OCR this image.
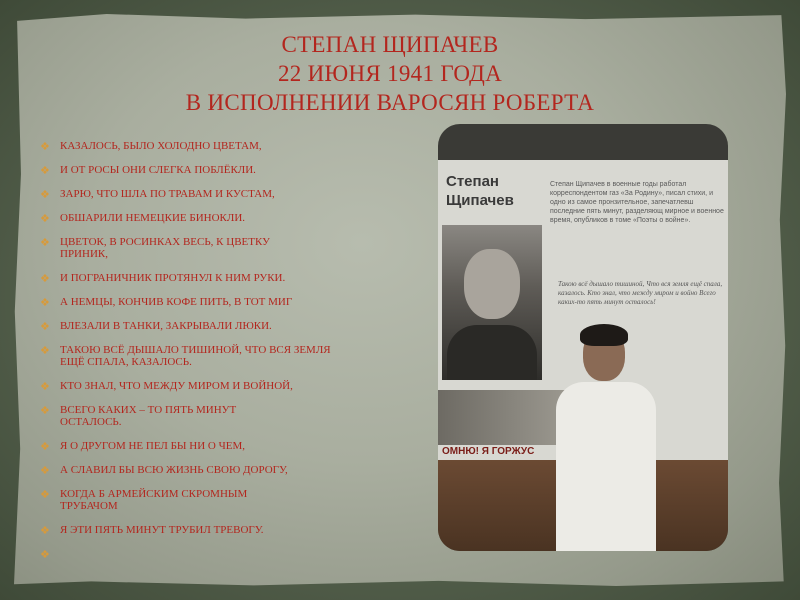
СТЕПАН ЩИПАЧЕВ
22 ИЮНЯ 1941 ГОДА
В ИСПОЛНЕНИИ ВАРОСЯН РОБЕРТА
❖ КАЗАЛОСЬ, БЫЛО ХОЛОДНО ЦВЕТАМ,
❖ И ОТ РОСЫ ОНИ СЛЕГКА ПОБЛЁКЛИ.
❖ ЗАРЮ, ЧТО ШЛА ПО ТРАВАМ И КУСТАМ,
❖ ОБШАРИЛИ НЕМЕЦКИЕ БИНОКЛИ.
❖ ЦВЕТОК, В РОСИНКАХ ВЕСЬ, К ЦВЕТКУ ПРИНИК,
❖ И ПОГРАНИЧНИК ПРОТЯНУЛ К НИМ РУКИ.
❖ А НЕМЦЫ, КОНЧИВ КОФЕ ПИТЬ, В ТОТ МИГ
❖ ВЛЕЗАЛИ В ТАНКИ, ЗАКРЫВАЛИ ЛЮКИ.
❖ ТАКОЮ ВСЁ ДЫШАЛО ТИШИНОЙ, ЧТО ВСЯ ЗЕМЛЯ ЕЩЁ СПАЛА, КАЗАЛОСЬ.
❖ КТО ЗНАЛ, ЧТО МЕЖДУ МИРОМ И ВОЙНОЙ,
❖ ВСЕГО КАКИХ – ТО ПЯТЬ МИНУТ ОСТАЛОСЬ.
❖ Я О ДРУГОМ НЕ ПЕЛ БЫ НИ О ЧЕМ,
❖ А СЛАВИЛ БЫ ВСЮ ЖИЗНЬ СВОЮ ДОРОГУ,
❖ КОГДА Б АРМЕЙСКИМ СКРОМНЫМ ТРУБАЧОМ
❖ Я ЭТИ ПЯТЬ МИНУТ ТРУБИЛ ТРЕВОГУ.
❖
Степан
Щипачев
Степан Щипачев в военные годы работал корреспондентом газ «За Родину», писал стихи, и одно из самое пронзительное, запечатлевш последние пять минут, разделяющ мирное и военное время, опубликов в томе «Поэты о войне».
Такою всё дышало тишиной, Что вся земля ещё спала, казалось. Кто знал, что между миром и войно Всего каких-то пять минут осталось!
ОМНЮ! Я ГОРЖУС
